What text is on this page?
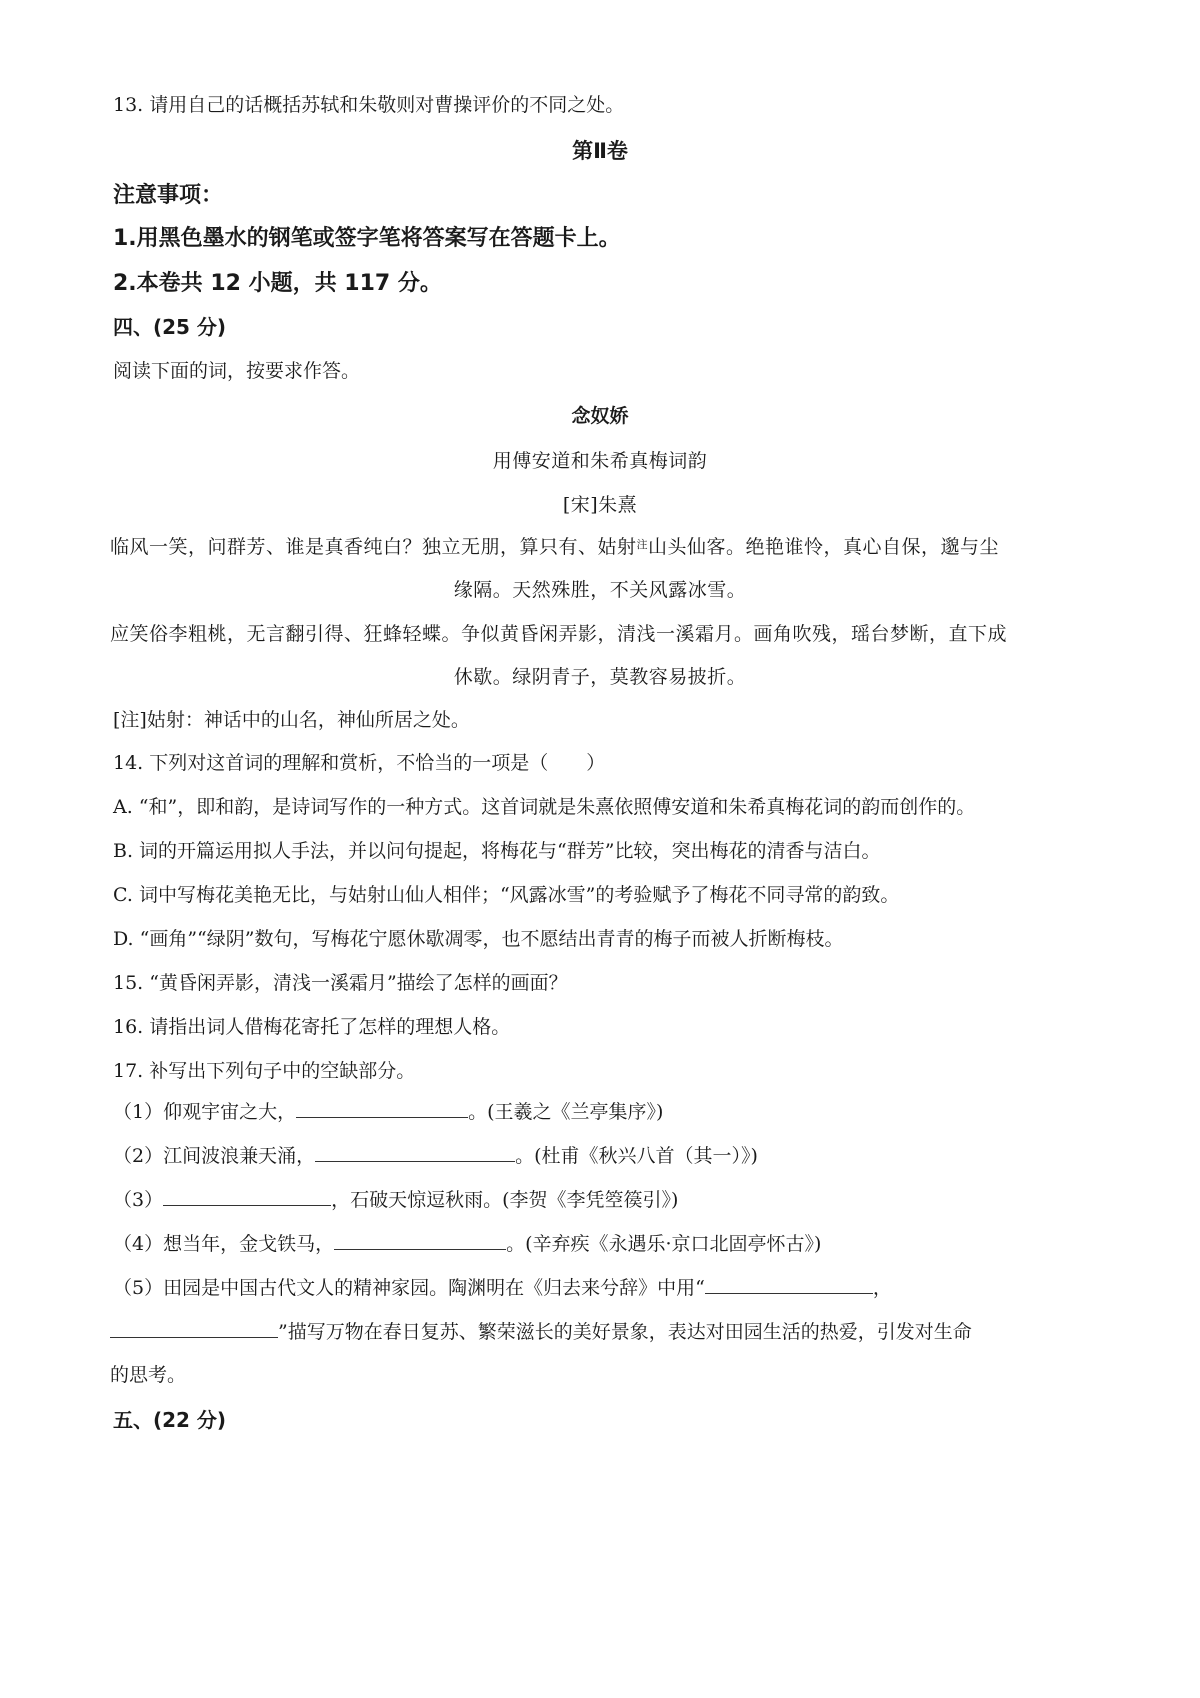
13. 请用自己的话概括苏轼和朱敬则对曹操评价的不同之处。
第Ⅱ卷
注意事项：
1.用黑色墨水的钢笔或签字笔将答案写在答题卡上。
2.本卷共 12 小题，共 117 分。
四、(25 分)
阅读下面的词，按要求作答。
念奴娇
用傅安道和朱希真梅词韵
[宋]朱熹
临风一笑，问群芳、谁是真香纯白？独立无朋，算只有、姑射$^注$山头仙客。绝艳谁怜，真心自保，邈与尘
缘隔。天然殊胜，不关风露冰雪。
应笑俗李粗桃，无言翻引得、狂蜂轻蝶。争似黄昏闲弄影，清浅一溪霜月。画角吹残，瑶台梦断，直下成
休歇。绿阴青子，莫教容易披折。
[注]姑射：神话中的山名，神仙所居之处。
14. 下列对这首词的理解和赏析，不恰当的一项是（　　）
A. “和”，即和韵，是诗词写作的一种方式。这首词就是朱熹依照傅安道和朱希真梅花词的韵而创作的。
B. 词的开篇运用拟人手法，并以问句提起，将梅花与“群芳”比较，突出梅花的清香与洁白。
C. 词中写梅花美艳无比，与姑射山仙人相伴；“风露冰雪”的考验赋予了梅花不同寻常的韵致。
D. “画角”“绿阴”数句，写梅花宁愿休歇凋零，也不愿结出青青的梅子而被人折断梅枝。
15. “黄昏闲弄影，清浅一溪霜月”描绘了怎样的画面？
16. 请指出词人借梅花寄托了怎样的理想人格。
17. 补写出下列句子中的空缺部分。
（1）仰观宇宙之大，	。(王羲之《兰亭集序》)
（2）江间波浪兼天涌，	。(杜甫《秋兴八首（其一）》)
（3）	，石破天惊逗秋雨。(李贺《李凭箜篌引》)
（4）想当年，金戈铁马，	。(辛弃疾《永遇乐·京口北固亭怀古》)
（5）田园是中国古代文人的精神家园。陶渊明在《归去来兮辞》中用“	，
”描写万物在春日复苏、繁荣滋长的美好景象，表达对田园生活的热爱，引发对生命
的思考。
五、(22 分)
